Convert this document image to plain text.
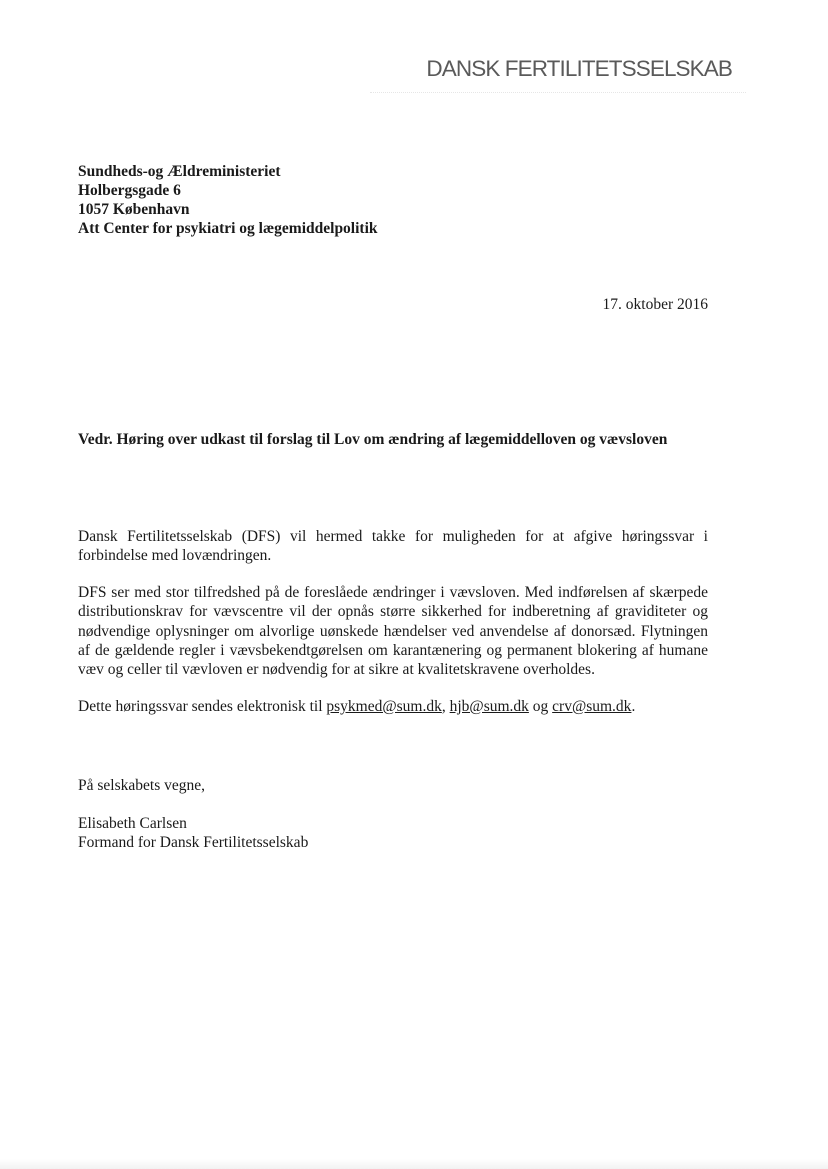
DANSK FERTILITETSSELSKAB
Sundheds-og Ældreministeriet
Holbergsgade 6
1057 København
Att Center for psykiatri og lægemiddelpolitik
17. oktober 2016
Vedr. Høring over udkast til forslag til Lov om ændring af lægemiddelloven og vævsloven

Dansk Fertilitetsselskab (DFS) vil hermed takke for muligheden for at afgive høringssvar i forbindelse med lovændringen.

DFS ser med stor tilfredshed på de foreslåede ændringer i vævsloven. Med indførelsen af skærpede distributionskrav for vævscentre vil der opnås større sikkerhed for indberetning af graviditeter og nødvendige oplysninger om alvorlige uønskede hændelser ved anvendelse af donorsæd. Flytningen af de gældende regler i vævsbekendtgørelsen om karantænering og permanent blokering af humane væv og celler til vævloven er nødvendig for at sikre at kvalitetskravene overholdes.

Dette høringssvar sendes elektronisk til psykmed@sum.dk, hjb@sum.dk og crv@sum.dk.

På selskabets vegne,
Elisabeth Carlsen
Formand for Dansk Fertilitetsselskab
